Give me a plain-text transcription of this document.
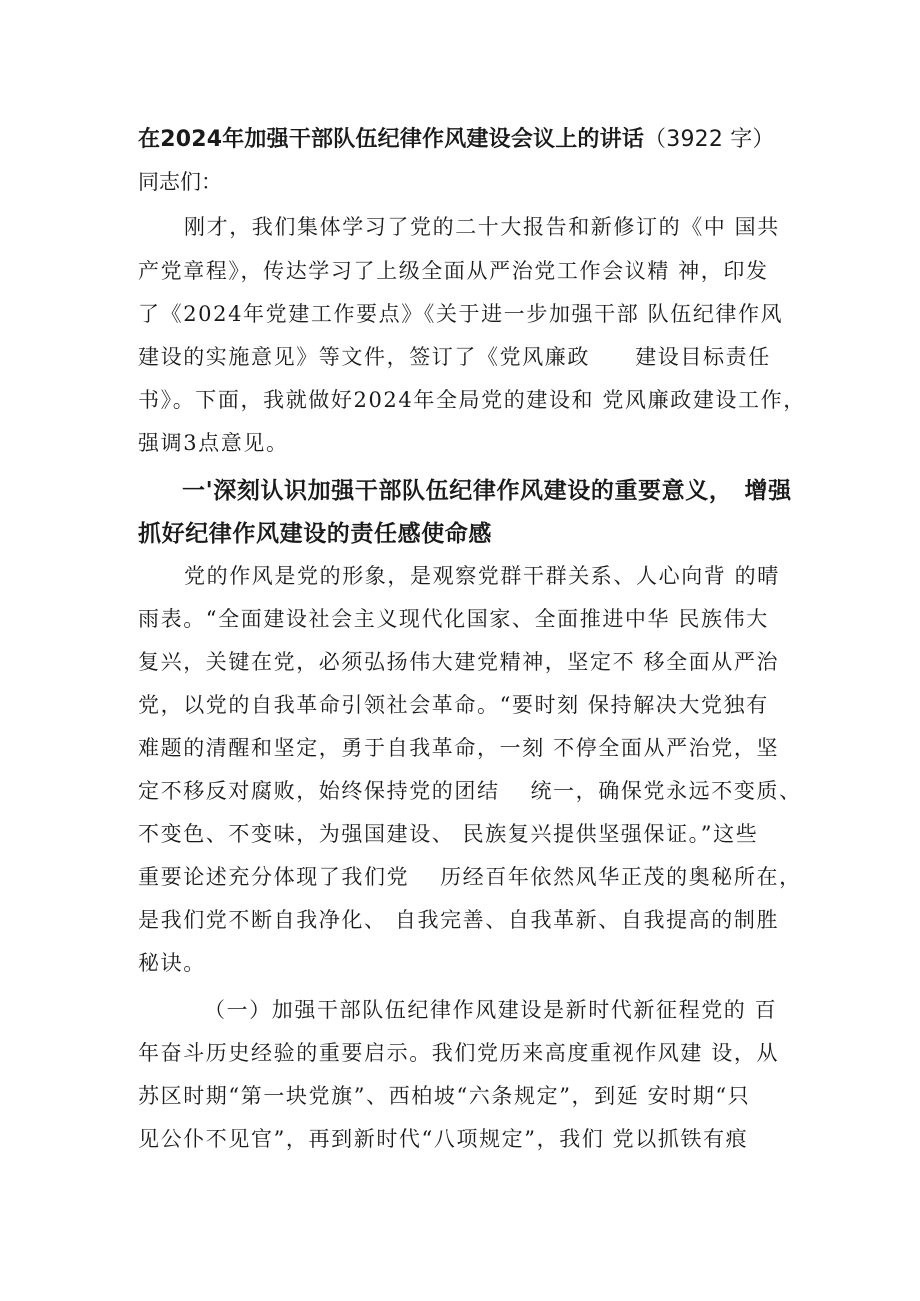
在2024年加强干部队伍纪律作风建设会议上的讲话（3922 字）
同志们：
刚才，我们集体学习了党的二十大报告和新修订的《中 国共
产党章程》，传达学习了上级全面从严治党工作会议精 神，印发
了《2024年党建工作要点》《关于进一步加强干部 队伍纪律作风
建设的实施意见》等文件，签订了《党风廉政　　建设目标责任
书》。下面，我就做好2024年全局党的建设和 党风廉政建设工作，
强调3点意见。
一'深刻认识加强干部队伍纪律作风建设的重要意义，　增强
抓好纪律作风建设的责任感使命感
党的作风是党的形象，是观察党群干群关系、人心向背 的晴
雨表。“全面建设社会主义现代化国家、全面推进中华 民族伟大
复兴，关键在党，必须弘扬伟大建党精神，坚定不 移全面从严治
党，以党的自我革命引领社会革命。“要时刻 保持解决大党独有
难题的清醒和坚定，勇于自我革命，一刻 不停全面从严治党，坚
定不移反对腐败，始终保持党的团结　 统一，确保党永远不变质、
不变色、不变味，为强国建设、 民族复兴提供坚强保证。”这些
重要论述充分体现了我们党　 历经百年依然风华正茂的奥秘所在，
是我们党不断自我净化、 自我完善、自我革新、自我提高的制胜
秘诀。
（一）加强干部队伍纪律作风建设是新时代新征程党的 百
年奋斗历史经验的重要启示。我们党历来高度重视作风建 设，从
苏区时期“第一块党旗”、西柏坡“六条规定”，到延 安时期“只
见公仆不见官”，再到新时代“八项规定”，我们 党以抓铁有痕
